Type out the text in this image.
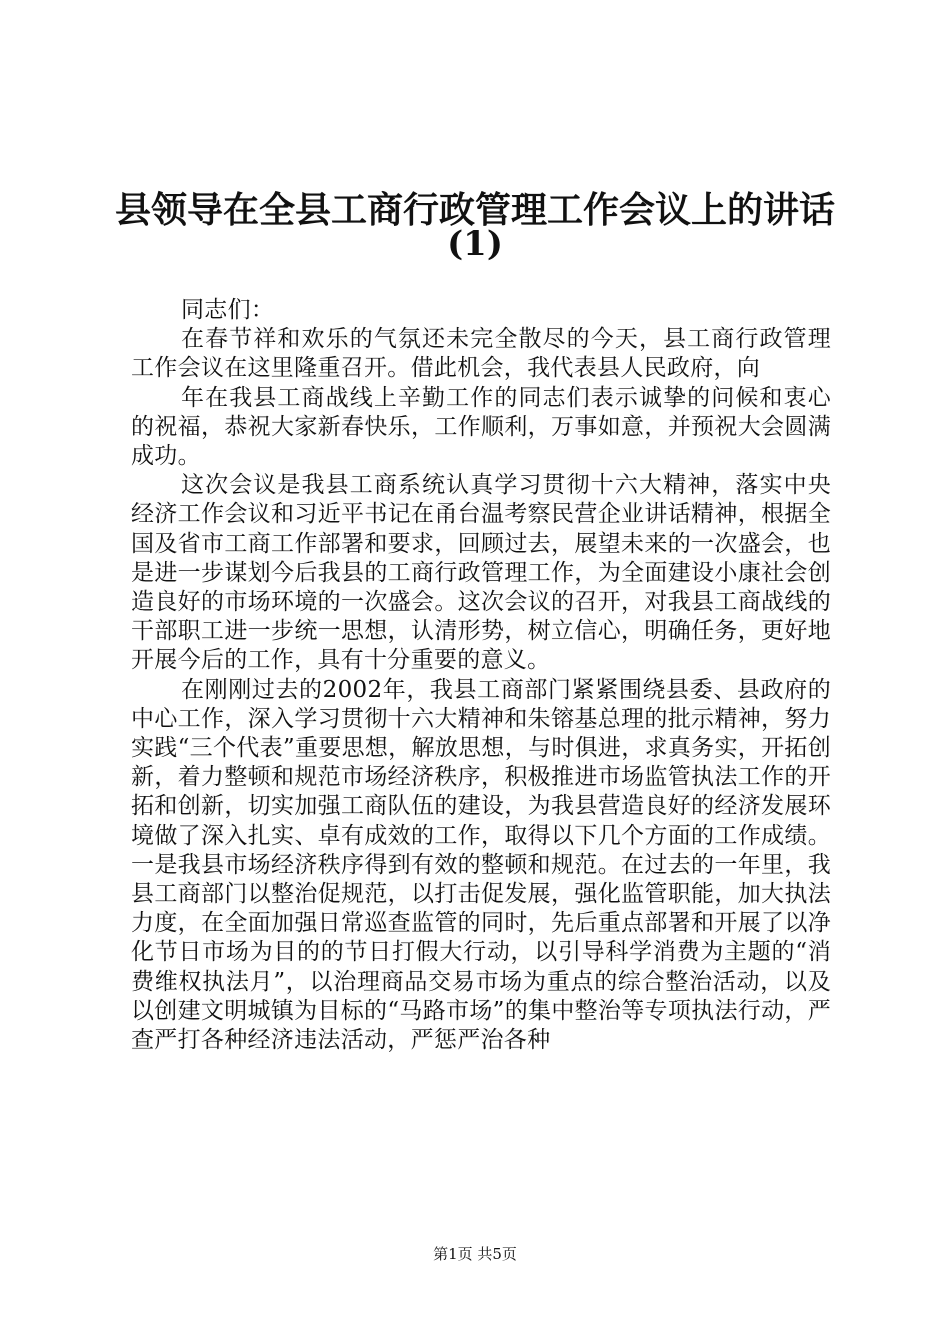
县领导在全县工商行政管理工作会议上的讲话
(1)

同志们：

在春节祥和欢乐的气氛还未完全散尽的今天，县工商行政管理工作会议在这里隆重召开。借此机会，我代表县人民政府，向

年在我县工商战线上辛勤工作的同志们表示诚挚的问候和衷心的祝福，恭祝大家新春快乐，工作顺利，万事如意，并预祝大会圆满成功。

这次会议是我县工商系统认真学习贯彻十六大精神，落实中央经济工作会议和习近平书记在甬台温考察民营企业讲话精神，根据全国及省市工商工作部署和要求，回顾过去，展望未来的一次盛会，也是进一步谋划今后我县的工商行政管理工作，为全面建设小康社会创造良好的市场环境的一次盛会。这次会议的召开，对我县工商战线的干部职工进一步统一思想，认清形势，树立信心，明确任务，更好地开展今后的工作，具有十分重要的意义。

在刚刚过去的2002年，我县工商部门紧紧围绕县委、县政府的中心工作，深入学习贯彻十六大精神和朱镕基总理的批示精神，努力实践“三个代表”重要思想，解放思想，与时俱进，求真务实，开拓创新，着力整顿和规范市场经济秩序，积极推进市场监管执法工作的开拓和创新，切实加强工商队伍的建设，为我县营造良好的经济发展环境做了深入扎实、卓有成效的工作，取得以下几个方面的工作成绩。一是我县市场经济秩序得到有效的整顿和规范。在过去的一年里，我县工商部门以整治促规范，以打击促发展，强化监管职能，加大执法力度，在全面加强日常巡查监管的同时，先后重点部署和开展了以净化节日市场为目的的节日打假大行动，以引导科学消费为主题的“消费维权执法月”，以治理商品交易市场为重点的综合整治活动，以及以创建文明城镇为目标的“马路市场”的集中整治等专项执法行动，严查严打各种经济违法活动，严惩严治各种

第1页 共5页
